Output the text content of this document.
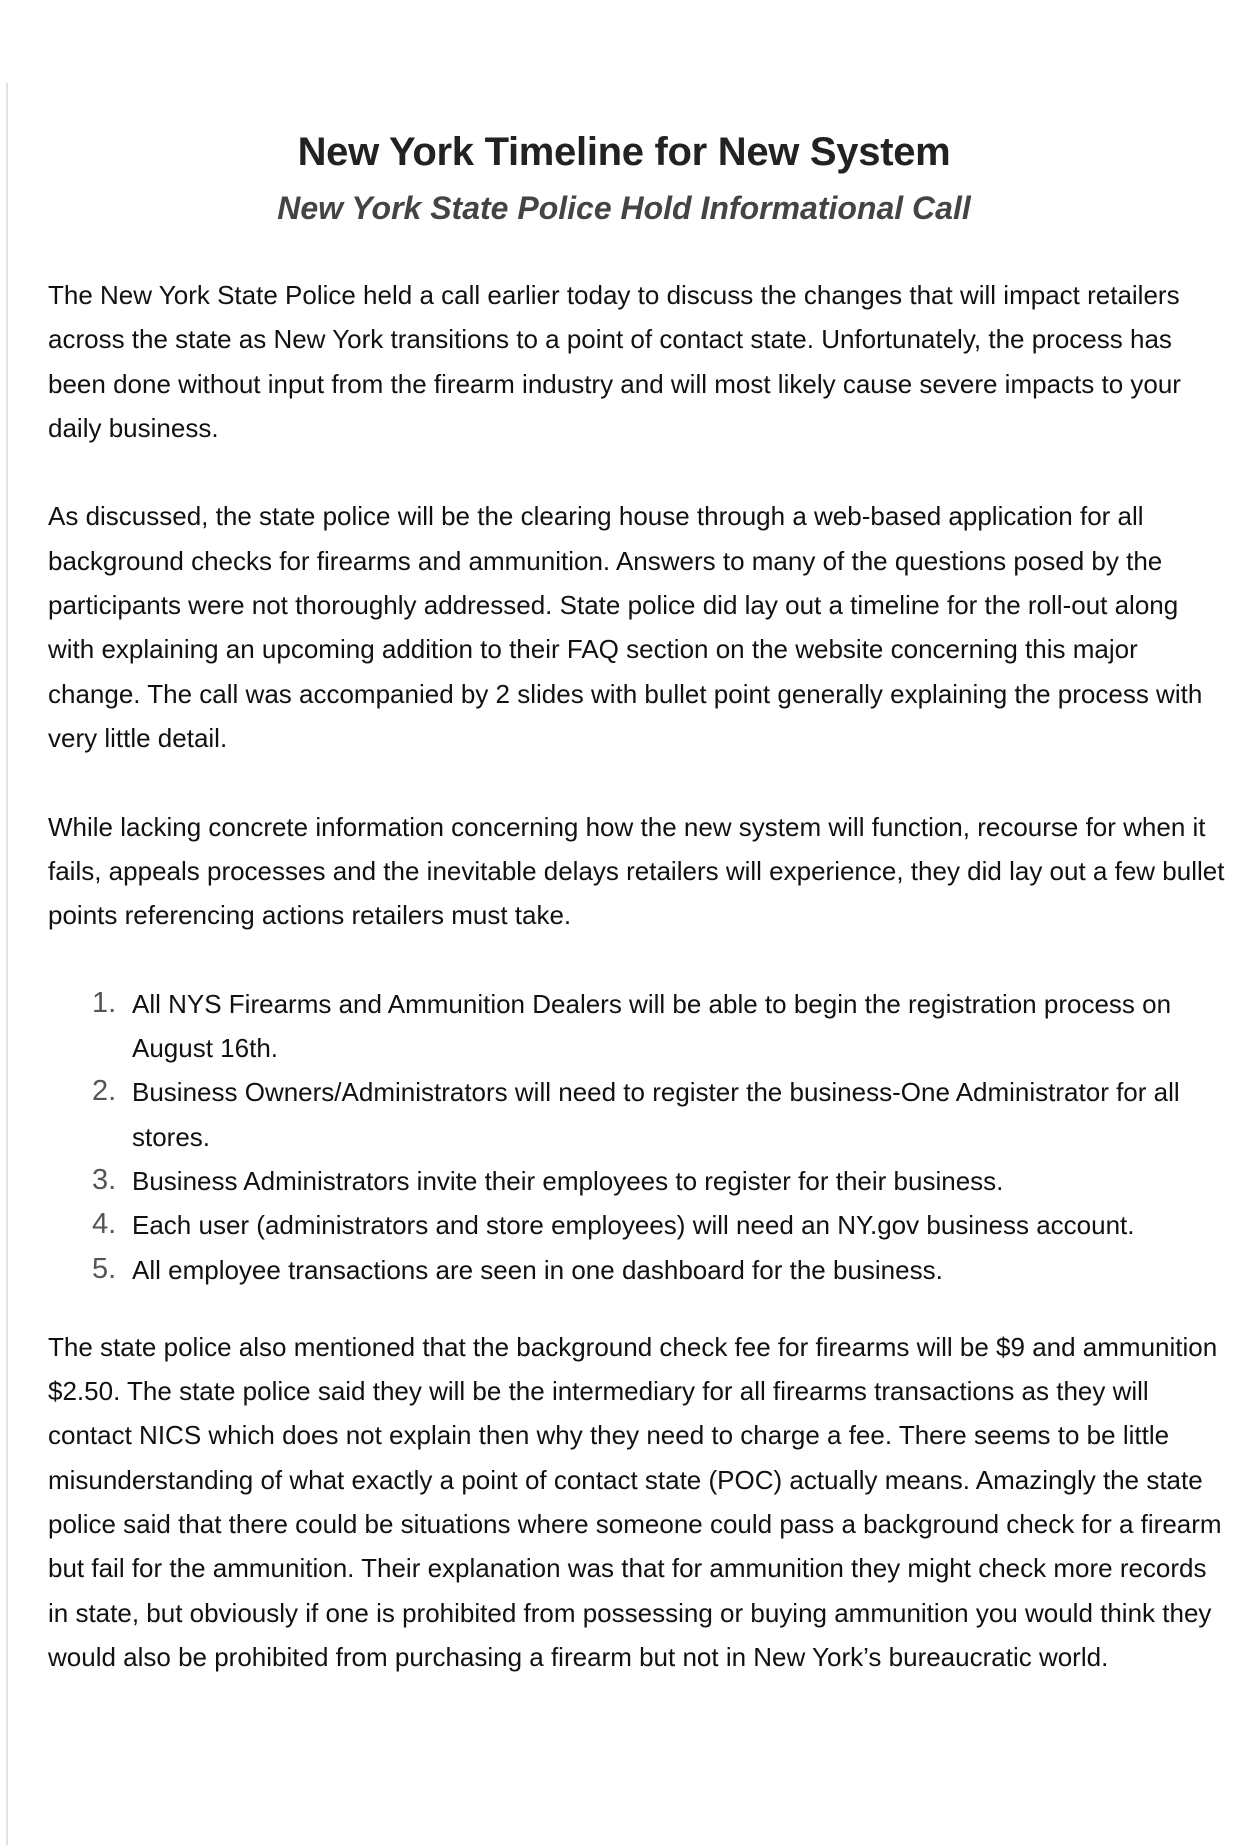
New York Timeline for New System
New York State Police Hold Informational Call

The New York State Police held a call earlier today to discuss the changes that will impact retailers across the state as New York transitions to a point of contact state. Unfortunately, the process has been done without input from the firearm industry and will most likely cause severe impacts to your daily business.

As discussed, the state police will be the clearing house through a web-based application for all background checks for firearms and ammunition. Answers to many of the questions posed by the participants were not thoroughly addressed. State police did lay out a timeline for the roll-out along with explaining an upcoming addition to their FAQ section on the website concerning this major change. The call was accompanied by 2 slides with bullet point generally explaining the process with very little detail.

While lacking concrete information concerning how the new system will function, recourse for when it fails, appeals processes and the inevitable delays retailers will experience, they did lay out a few bullet points referencing actions retailers must take.

1. All NYS Firearms and Ammunition Dealers will be able to begin the registration process on August 16th.
2. Business Owners/Administrators will need to register the business-One Administrator for all stores.
3. Business Administrators invite their employees to register for their business.
4. Each user (administrators and store employees) will need an NY.gov business account.
5. All employee transactions are seen in one dashboard for the business.

The state police also mentioned that the background check fee for firearms will be $9 and ammunition $2.50. The state police said they will be the intermediary for all firearms transactions as they will contact NICS which does not explain then why they need to charge a fee. There seems to be little misunderstanding of what exactly a point of contact state (POC) actually means. Amazingly the state police said that there could be situations where someone could pass a background check for a firearm but fail for the ammunition. Their explanation was that for ammunition they might check more records in state, but obviously if one is prohibited from possessing or buying ammunition you would think they would also be prohibited from purchasing a firearm but not in New York’s bureaucratic world.
